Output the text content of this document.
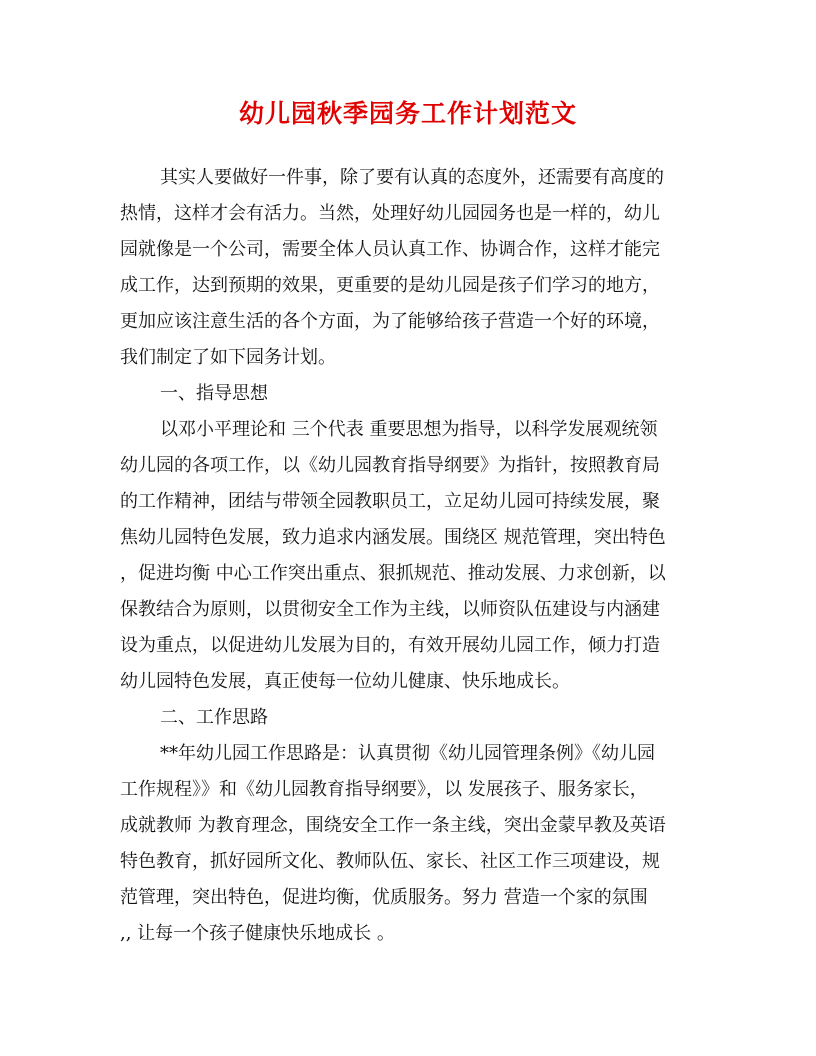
幼儿园秋季园务工作计划范文
其实人要做好一件事，除了要有认真的态度外，还需要有高度的
热情，这样才会有活力。当然，处理好幼儿园园务也是一样的，幼儿
园就像是一个公司，需要全体人员认真工作、协调合作，这样才能完
成工作，达到预期的效果，更重要的是幼儿园是孩子们学习的地方，
更加应该注意生活的各个方面，为了能够给孩子营造一个好的环境，
我们制定了如下园务计划。
一、指导思想
以邓小平理论和 三个代表 重要思想为指导，以科学发展观统领
幼儿园的各项工作，以《幼儿园教育指导纲要》为指针，按照教育局
的工作精神，团结与带领全园教职员工，立足幼儿园可持续发展，聚
焦幼儿园特色发展，致力追求内涵发展。围绕区 规范管理，突出特色
，促进均衡 中心工作突出重点、狠抓规范、推动发展、力求创新，以
保教结合为原则，以贯彻安全工作为主线，以师资队伍建设与内涵建
设为重点，以促进幼儿发展为目的，有效开展幼儿园工作，倾力打造
幼儿园特色发展，真正使每一位幼儿健康、快乐地成长。
二、工作思路
**年幼儿园工作思路是：认真贯彻《幼儿园管理条例》《幼儿园
工作规程》》和《幼儿园教育指导纲要》，以 发展孩子、服务家长，
成就教师 为教育理念，围绕安全工作一条主线，突出金蒙早教及英语
特色教育，抓好园所文化、教师队伍、家长、社区工作三项建设，规
范管理，突出特色，促进均衡，优质服务。努力 营造一个家的氛围
,, 让每一个孩子健康快乐地成长 。
